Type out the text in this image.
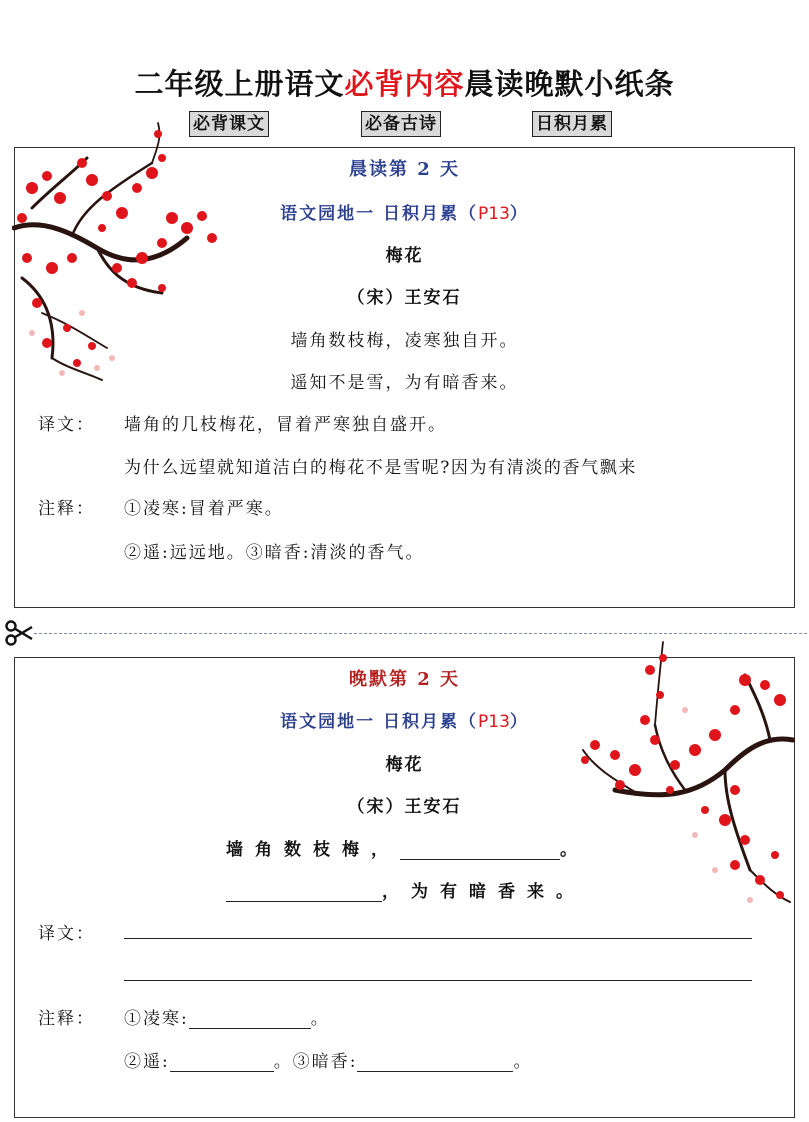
二年级上册语文必背内容晨读晚默小纸条
必背课文	必备古诗	日积月累
晨读第 2 天
语文园地一 日积月累（P13）
梅花
（宋）王安石
墙角数枝梅，凌寒独自开。
遥知不是雪，为有暗香来。
译文： 墙角的几枝梅花，冒着严寒独自盛开。
为什么远望就知道洁白的梅花不是雪呢?因为有清淡的香气飘来
注释： ①凌寒:冒着严寒。
②遥:远远地。③暗香:清淡的香气。
晚默第 2 天
语文园地一 日积月累（P13）
梅花
（宋）王安石
墙角数枝梅，	。
，为有暗香来。
译文：
注释： ①凌寒:	。
②遥:	。③暗香:	。
